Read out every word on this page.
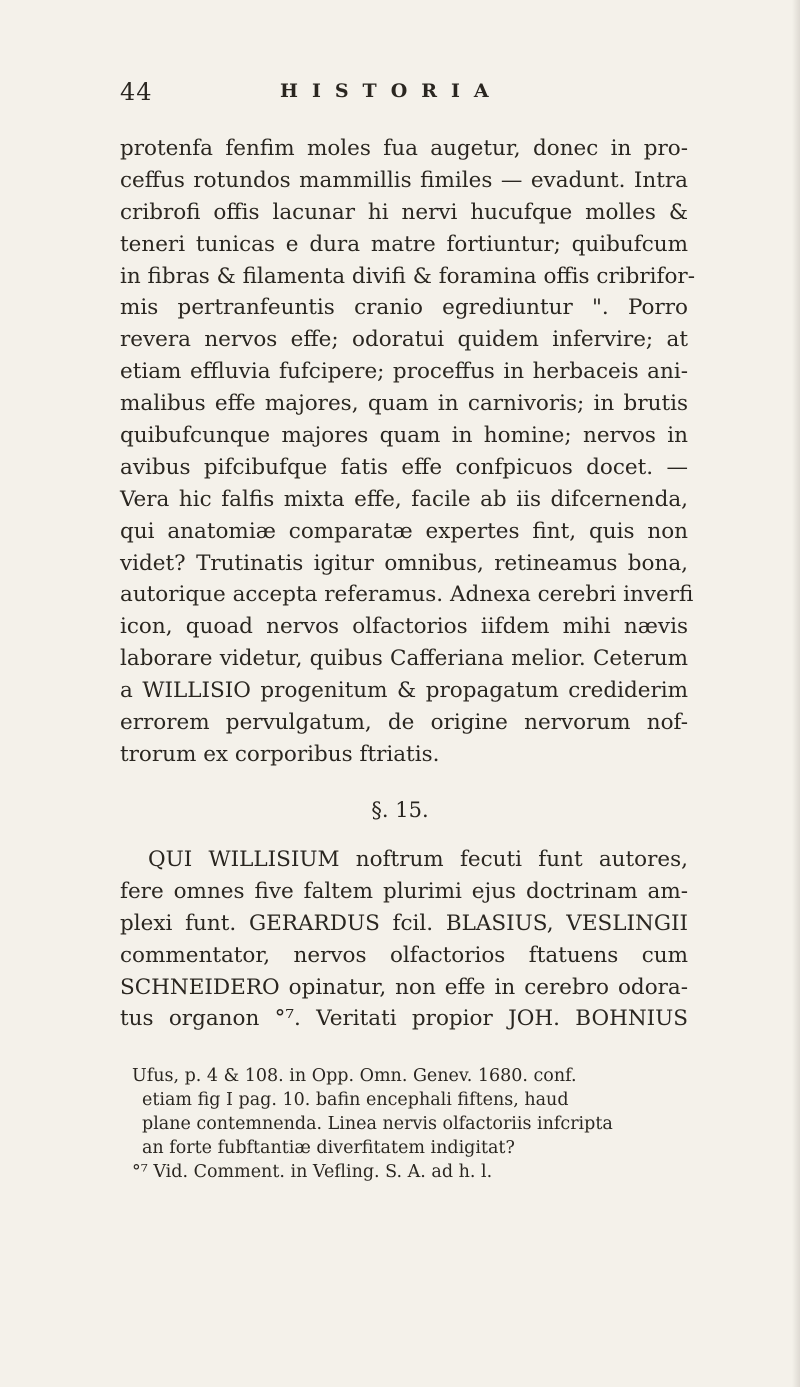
44	HISTORIA
protenfa fenfim moles fua augetur, donec in pro-
ceffus rotundos mammillis fimiles — evadunt. Intra
cribrofi offis lacunar hi nervi hucufque molles &
teneri tunicas e dura matre fortiuntur; quibufcum
in fibras & filamenta divifi & foramina offis cribrifor-
mis pertranfeuntis cranio egrediuntur ". Porro
revera nervos effe; odoratui quidem infervire; at
etiam effluvia fufcipere; proceffus in herbaceis ani-
malibus effe majores, quam in carnivoris; in brutis
quibufcunque majores quam in homine; nervos in
avibus pifcibufque fatis effe confpicuos docet. —
Vera hic falfis mixta effe, facile ab iis difcernenda,
qui anatomiæ comparatæ expertes fint, quis non
videt? Trutinatis igitur omnibus, retineamus bona,
autorique accepta referamus. Adnexa cerebri inverfi
icon, quoad nervos olfactorios iifdem mihi nævis
laborare videtur, quibus Cafferiana melior. Ceterum
a WILLISIO progenitum & propagatum crediderim
errorem pervulgatum, de origine nervorum nof-
trorum ex corporibus ftriatis.
§. 15.
QUI WILLISIUM noftrum fecuti funt autores,
fere omnes five faltem plurimi ejus doctrinam am-
plexi funt. GERARDUS fcil. BLASIUS, VESLINGII
commentator, nervos olfactorios ftatuens cum
SCHNEIDERO opinatur, non effe in cerebro odora-
tus organon °⁷. Veritati propior JOH. BOHNIUS
Ufus, p. 4 & 108. in Opp. Omn. Genev. 1680. conf.
etiam fig I pag. 10. bafin encephali fiftens, haud
plane contemnenda. Linea nervis olfactoriis infcripta
an forte fubftantiæ diverfitatem indigitat?
°⁷ Vid. Comment. in Vefling. S. A. ad h. l.
